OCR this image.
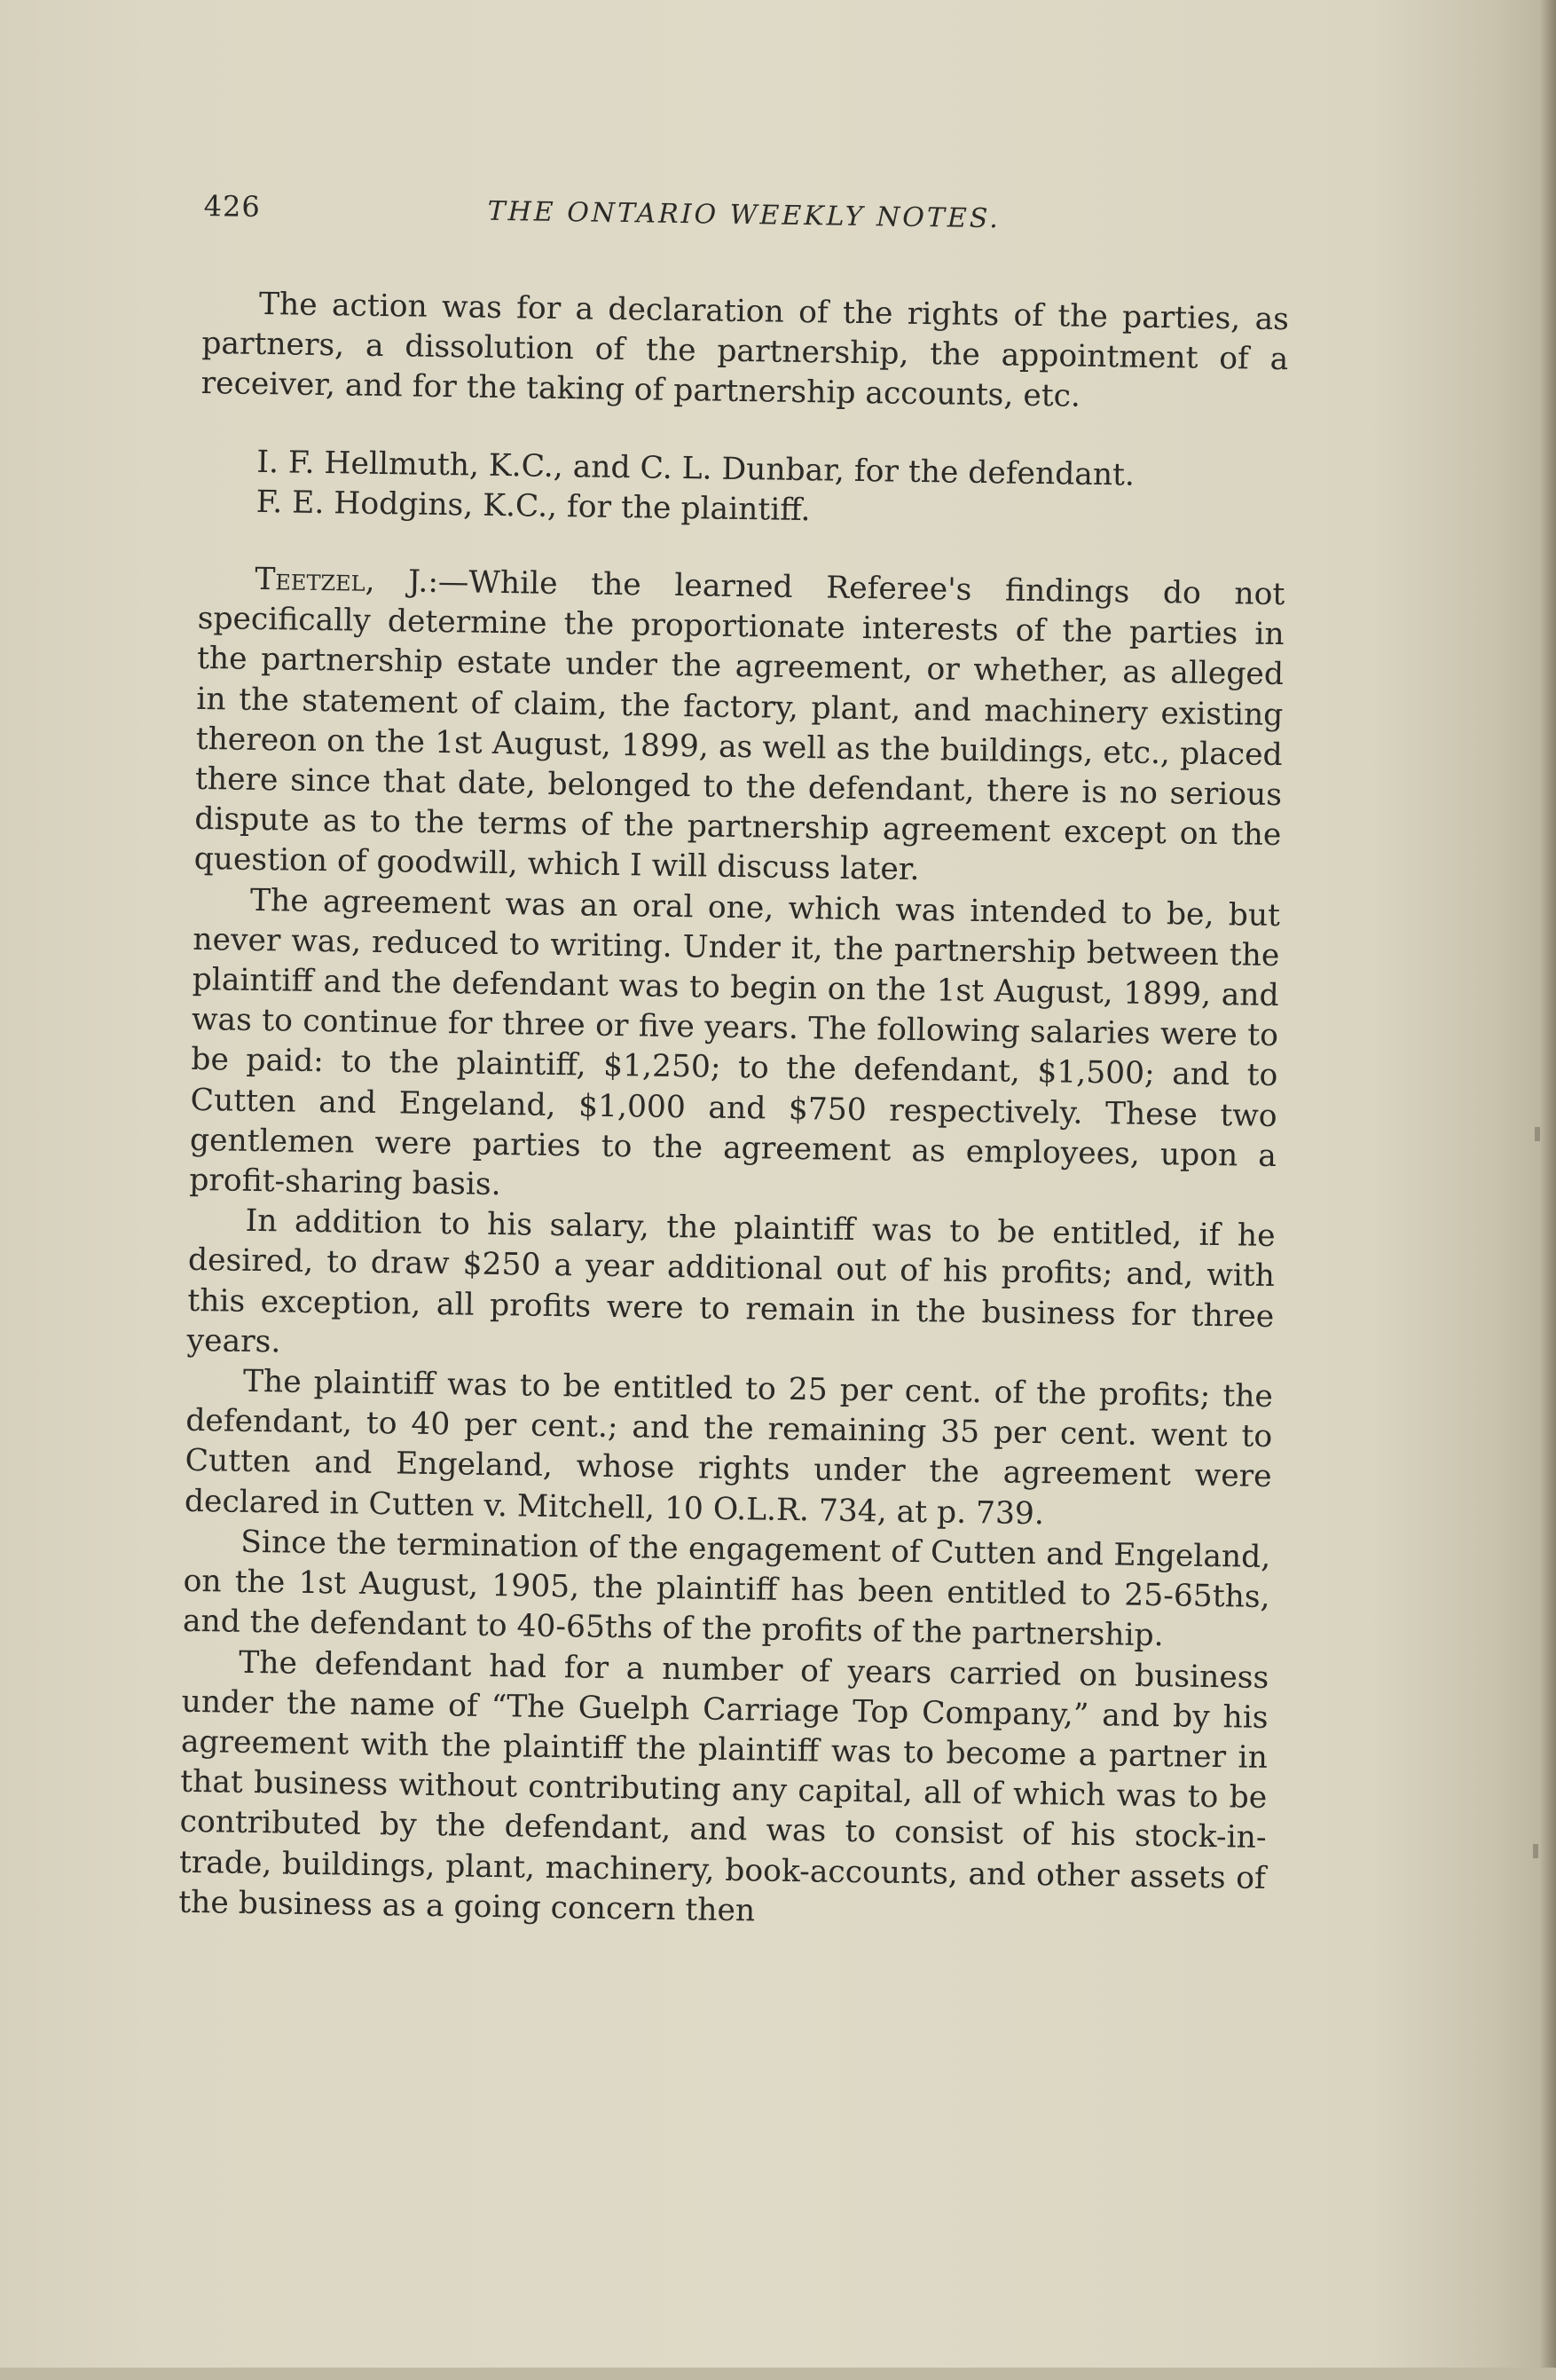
426	THE ONTARIO WEEKLY NOTES.

The action was for a declaration of the rights of the parties, as partners, a dissolution of the partnership, the appointment of a receiver, and for the taking of partnership accounts, etc.

I. F. Hellmuth, K.C., and C. L. Dunbar, for the defendant.
F. E. Hodgins, K.C., for the plaintiff.

Teetzel, J.:—While the learned Referee's findings do not specifically determine the proportionate interests of the parties in the partnership estate under the agreement, or whether, as alleged in the statement of claim, the factory, plant, and machinery existing thereon on the 1st August, 1899, as well as the buildings, etc., placed there since that date, belonged to the defendant, there is no serious dispute as to the terms of the partnership agreement except on the question of goodwill, which I will discuss later.

The agreement was an oral one, which was intended to be, but never was, reduced to writing. Under it, the partnership between the plaintiff and the defendant was to begin on the 1st August, 1899, and was to continue for three or five years. The following salaries were to be paid: to the plaintiff, $1,250; to the defendant, $1,500; and to Cutten and Engeland, $1,000 and $750 respectively. These two gentlemen were parties to the agreement as employees, upon a profit-sharing basis.

In addition to his salary, the plaintiff was to be entitled, if he desired, to draw $250 a year additional out of his profits; and, with this exception, all profits were to remain in the business for three years.

The plaintiff was to be entitled to 25 per cent. of the profits; the defendant, to 40 per cent.; and the remaining 35 per cent. went to Cutten and Engeland, whose rights under the agreement were declared in Cutten v. Mitchell, 10 O.L.R. 734, at p. 739.

Since the termination of the engagement of Cutten and Engeland, on the 1st August, 1905, the plaintiff has been entitled to 25-65ths, and the defendant to 40-65ths of the profits of the partnership.

The defendant had for a number of years carried on business under the name of “The Guelph Carriage Top Company,” and by his agreement with the plaintiff the plaintiff was to become a partner in that business without contributing any capital, all of which was to be contributed by the defendant, and was to consist of his stock-in-trade, buildings, plant, machinery, book-accounts, and other assets of the business as a going concern then
